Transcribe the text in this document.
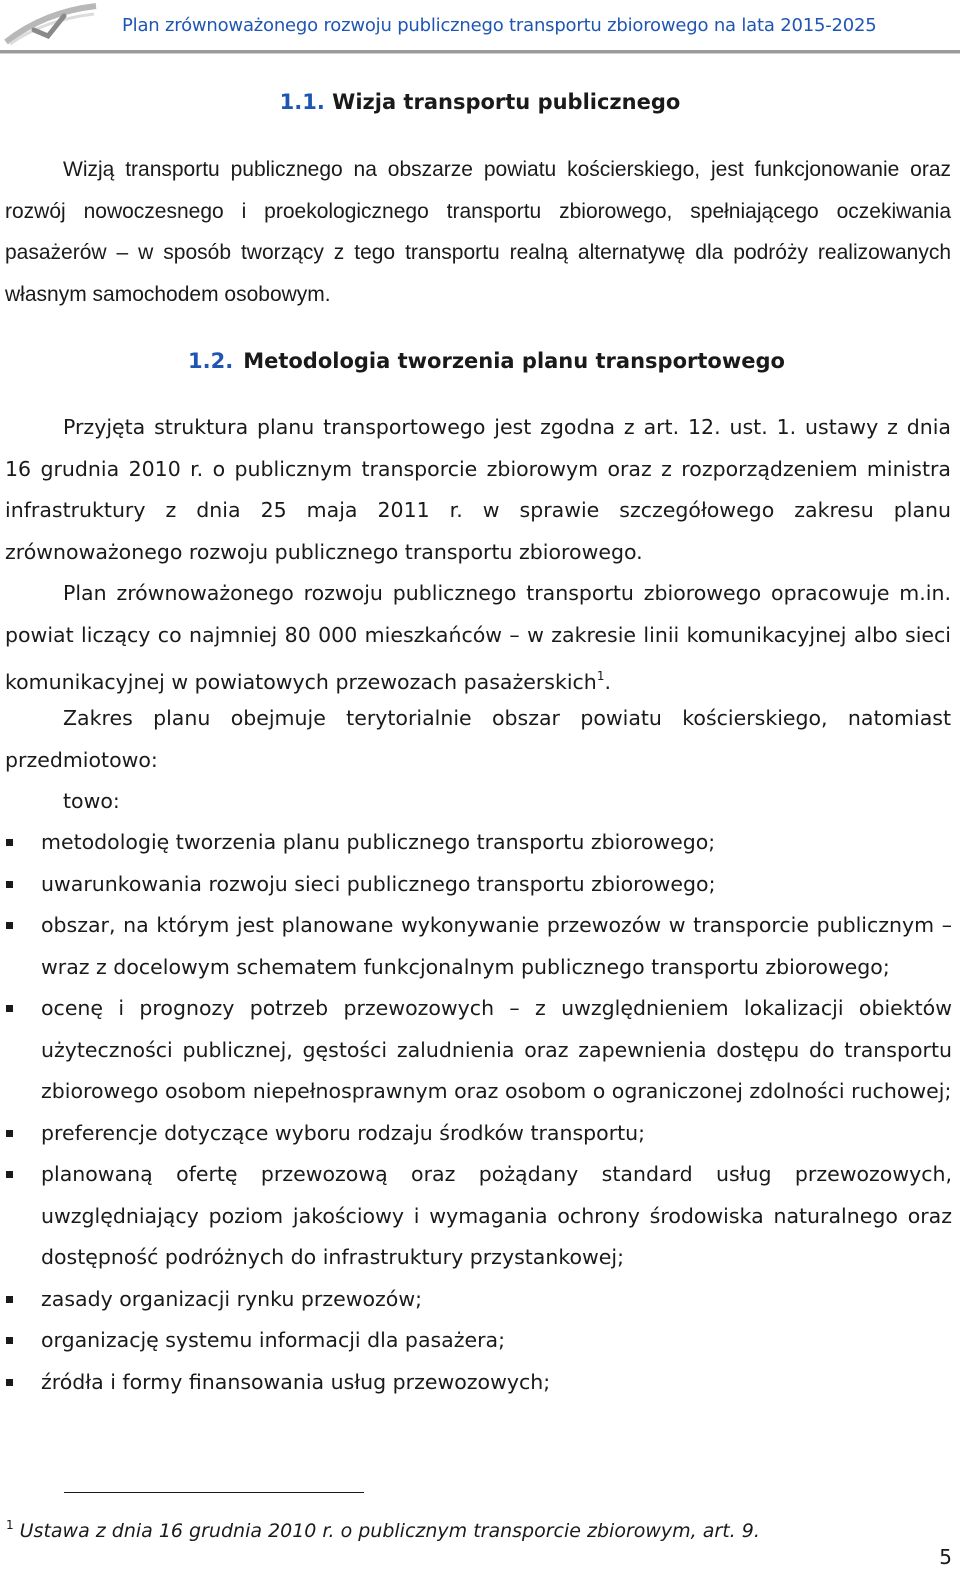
Plan zrównoważonego rozwoju publicznego transportu zbiorowego na lata 2015-2025
1.1. Wizja transportu publicznego

Wizją transportu publicznego na obszarze powiatu kościerskiego, jest funkcjonowanie oraz rozwój nowoczesnego i proekologicznego transportu zbiorowego, spełniającego oczekiwania pasażerów – w sposób tworzący z tego transportu realną alternatywę dla podróży realizowanych własnym samochodem osobowym.

1.2. Metodologia tworzenia planu transportowego

Przyjęta struktura planu transportowego jest zgodna z art. 12. ust. 1. ustawy z dnia 16 grudnia 2010 r. o publicznym transporcie zbiorowym oraz z rozporządzeniem ministra infrastruktury z dnia 25 maja 2011 r. w sprawie szczegółowego zakresu planu zrównoważonego rozwoju publicznego transportu zbiorowego.

Plan zrównoważonego rozwoju publicznego transportu zbiorowego opracowuje m.in. powiat liczący co najmniej 80 000 mieszkańców – w zakresie linii komunikacyjnej albo sieci komunikacyjnej w powiatowych przewozach pasażerskich$^1$.

Zakres planu obejmuje terytorialnie obszar powiatu kościerskiego, natomiast przedmiotowo:

towo:

metodologię tworzenia planu publicznego transportu zbiorowego;
uwarunkowania rozwoju sieci publicznego transportu zbiorowego;
obszar, na którym jest planowane wykonywanie przewozów w transporcie publicznym – wraz z docelowym schematem funkcjonalnym publicznego transportu zbiorowego;
ocenę i prognozy potrzeb przewozowych – z uwzględnieniem lokalizacji obiektów użyteczności publicznej, gęstości zaludnienia oraz zapewnienia dostępu do transportu zbiorowego osobom niepełnosprawnym oraz osobom o ograniczonej zdolności ruchowej;
preferencje dotyczące wyboru rodzaju środków transportu;
planowaną ofertę przewozową oraz pożądany standard usług przewozowych, uwzględniający poziom jakościowy i wymagania ochrony środowiska naturalnego oraz dostępność podróżnych do infrastruktury przystankowej;
zasady organizacji rynku przewozów;
organizację systemu informacji dla pasażera;
źródła i formy finansowania usług przewozowych;
$^1$ Ustawa z dnia 16 grudnia 2010 r. o publicznym transporcie zbiorowym, art. 9.
5
